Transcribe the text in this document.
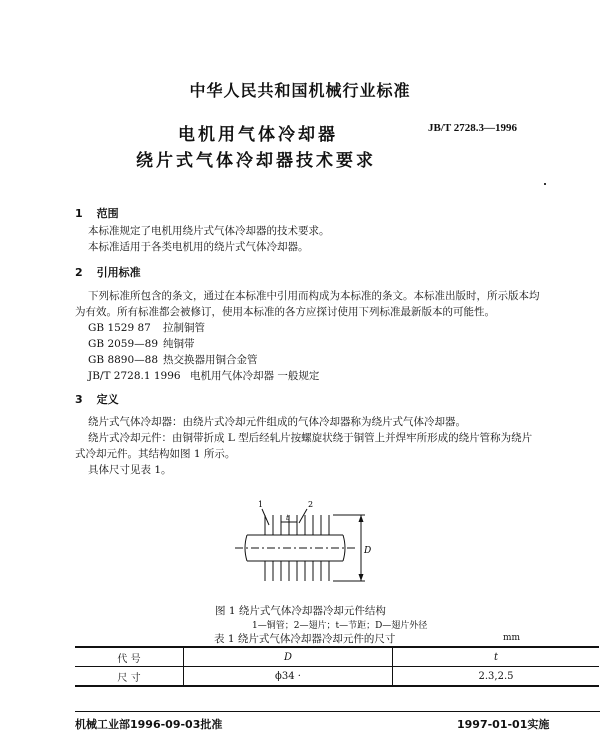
中华人民共和国机械行业标准
电机用气体冷却器
绕片式气体冷却器技术要求
JB/T 2728.3—1996
1 范围
本标准规定了电机用绕片式气体冷却器的技术要求。
本标准适用于各类电机用的绕片式气体冷却器。
2 引用标准
下列标准所包含的条文，通过在本标准中引用而构成为本标准的条文。本标准出版时，所示版本均
为有效。所有标准都会被修订，使用本标准的各方应探讨使用下列标准最新版本的可能性。
GB 1529 87 拉制铜管
GB 2059—89 纯铜带
GB 8890—88 热交换器用铜合金管
JB/T 2728.1 1996 电机用气体冷却器 一般规定
3 定义
绕片式气体冷却器：由绕片式冷却元件组成的气体冷却器称为绕片式气体冷却器。
绕片式冷却元件：由铜带折成 L 型后经轧片按螺旋状绕于铜管上并焊牢所形成的绕片管称为绕片
式冷却元件。其结构如图 1 所示。
具体尺寸见表 1。
1	2
t
D
图 1 绕片式气体冷却器冷却元件结构
1—铜管；2—翅片；t—节距；D—翅片外径
表 1 绕片式气体冷却器冷却元件的尺寸	mm
代 号	D	t
尺 寸	ϕ34 ·	2.3,2.5
机械工业部1996-09-03批准	1997-01-01实施
